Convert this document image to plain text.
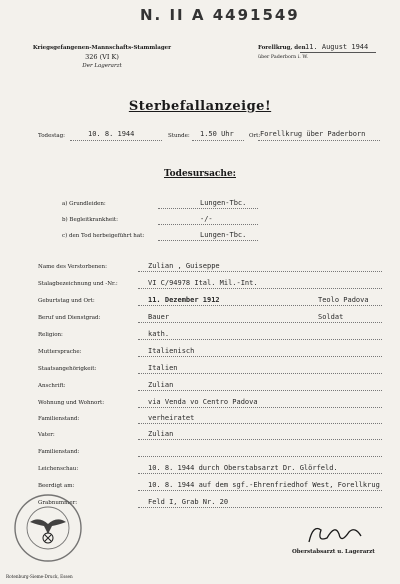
N. II A 4491549
Kriegsgefangenen-Mannschafts-Stammlager
326 (VI K)
Der Lagerarzt
Forellkrug, den 11. August 1944
über Paderborn i. W.
Sterbefallanzeige!
Todestag:	10. 8. 1944	Stunde: 1.50 Uhr	Ort: Forellkrug über Paderborn
Todesursache:
a) Grundleiden:	Lungen-Tbc.
b) Begleitkrankheit:	-/-
c) den Tod herbeigeführt hat:	Lungen-Tbc.
Name des Verstorbenen:	Zulian , Guiseppe
Stalagbezeichnung und -Nr.:	VI C/94978 Ital. Mil.-Int.
Geburtstag und Ort:	11. Dezember 1912	Teolo Padova
Beruf und Dienstgrad:	Bauer	Soldat
Religion:	kath.
Muttersprache:	Italienisch
Staatsangehörigkeit:	Italien
Anschrift:	Zulian
Wohnung und Wohnort:	via Venda vo Centro Padova
Familienstand:	verheiratet
Vater:	Zulian
Familienstand:
Leichenschau:	10. 8. 1944 durch Oberstabsarzt Dr. Glörfeld.
Beerdigt am:	10. 8. 1944 auf dem sgf.-Ehrenfriedhof West, Forellkrug
Grabnummer:	Feld I, Grab Nr. 20
Oberstabsarzt u. Lagerarzt
Rotenburg-Sieme-Druck, Essen
